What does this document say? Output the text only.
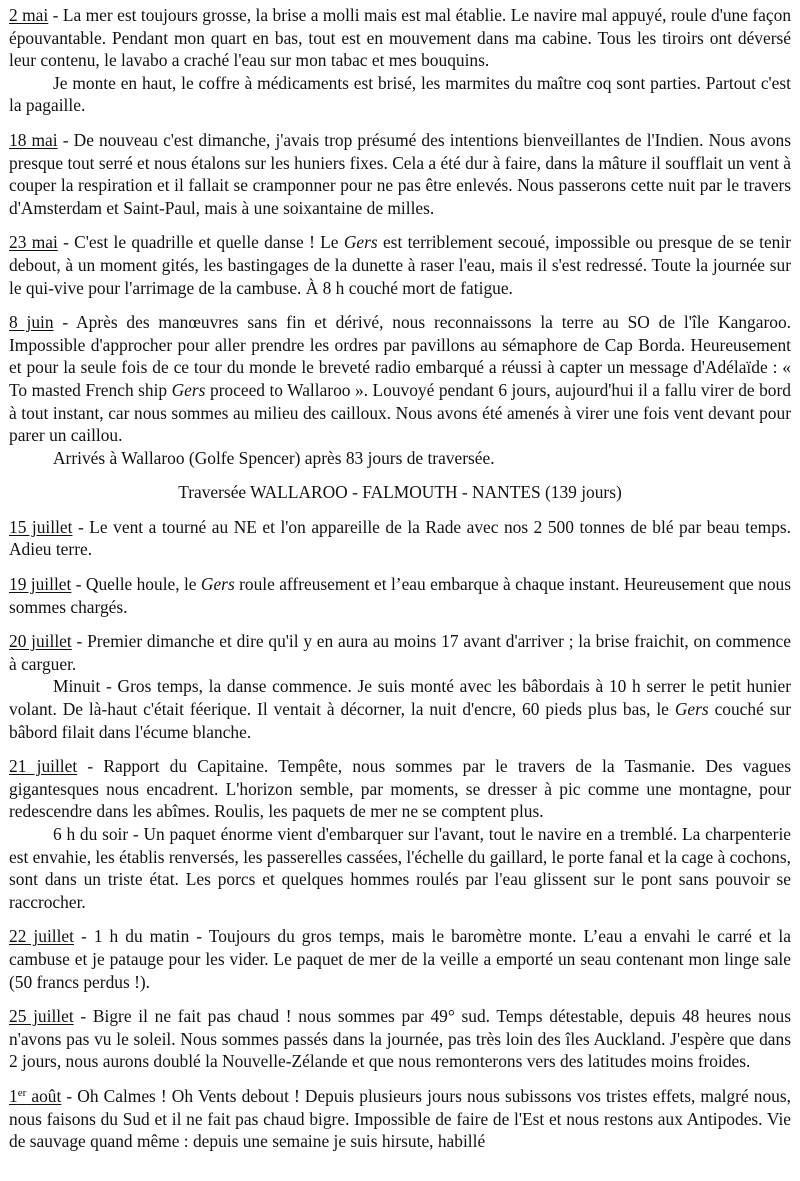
2 mai - La mer est toujours grosse, la brise a molli mais est mal établie. Le navire mal appuyé, roule d'une façon épouvantable. Pendant mon quart en bas, tout est en mouvement dans ma cabine. Tous les tiroirs ont déversé leur contenu, le lavabo a craché l'eau sur mon tabac et mes bouquins.

Je monte en haut, le coffre à médicaments est brisé, les marmites du maître coq sont parties. Partout c'est la pagaille.

18 mai - De nouveau c'est dimanche, j'avais trop présumé des intentions bienveillantes de l'Indien. Nous avons presque tout serré et nous étalons sur les huniers fixes. Cela a été dur à faire, dans la mâture il soufflait un vent à couper la respiration et il fallait se cramponner pour ne pas être enlevés. Nous passerons cette nuit par le travers d'Amsterdam et Saint-Paul, mais à une soixantaine de milles.

23 mai - C'est le quadrille et quelle danse ! Le Gers est terriblement secoué, impossible ou presque de se tenir debout, à un moment gités, les bastingages de la dunette à raser l'eau, mais il s'est redressé. Toute la journée sur le qui-vive pour l'arrimage de la cambuse. À 8 h couché mort de fatigue.

8 juin - Après des manœuvres sans fin et dérivé, nous reconnaissons la terre au SO de l'île Kangaroo. Impossible d'approcher pour aller prendre les ordres par pavillons au sémaphore de Cap Borda. Heureusement et pour la seule fois de ce tour du monde le breveté radio embarqué a réussi à capter un message d'Adélaïde : « To masted French ship Gers proceed to Wallaroo ». Louvoyé pendant 6 jours, aujourd'hui il a fallu virer de bord à tout instant, car nous sommes au milieu des cailloux. Nous avons été amenés à virer une fois vent devant pour parer un caillou.

Arrivés à Wallaroo (Golfe Spencer) après 83 jours de traversée.

Traversée WALLAROO - FALMOUTH - NANTES (139 jours)

15 juillet - Le vent a tourné au NE et l'on appareille de la Rade avec nos 2 500 tonnes de blé par beau temps. Adieu terre.

19 juillet - Quelle houle, le Gers roule affreusement et l’eau embarque à chaque instant. Heureusement que nous sommes chargés.

20 juillet - Premier dimanche et dire qu'il y en aura au moins 17 avant d'arriver ; la brise fraichit, on commence à carguer.

Minuit - Gros temps, la danse commence. Je suis monté avec les bâbordais à 10 h serrer le petit hunier volant. De là-haut c'était féerique. Il ventait à décorner, la nuit d'encre, 60 pieds plus bas, le Gers couché sur bâbord filait dans l'écume blanche.

21 juillet - Rapport du Capitaine. Tempête, nous sommes par le travers de la Tasmanie. Des vagues gigantesques nous encadrent. L'horizon semble, par moments, se dresser à pic comme une montagne, pour redescendre dans les abîmes. Roulis, les paquets de mer ne se comptent plus.

6 h du soir - Un paquet énorme vient d'embarquer sur l'avant, tout le navire en a tremblé. La charpenterie est envahie, les établis renversés, les passerelles cassées, l'échelle du gaillard, le porte fanal et la cage à cochons, sont dans un triste état. Les porcs et quelques hommes roulés par l'eau glissent sur le pont sans pouvoir se raccrocher.

22 juillet - 1 h du matin - Toujours du gros temps, mais le baromètre monte. L’eau a envahi le carré et la cambuse et je patauge pour les vider. Le paquet de mer de la veille a emporté un seau contenant mon linge sale (50 francs perdus !).

25 juillet - Bigre il ne fait pas chaud ! nous sommes par 49° sud. Temps détestable, depuis 48 heures nous n'avons pas vu le soleil. Nous sommes passés dans la journée, pas très loin des îles Auckland. J'espère que dans 2 jours, nous aurons doublé la Nouvelle-Zélande et que nous remonterons vers des latitudes moins froides.

1er août - Oh Calmes ! Oh Vents debout ! Depuis plusieurs jours nous subissons vos tristes effets, malgré nous, nous faisons du Sud et il ne fait pas chaud bigre. Impossible de faire de l'Est et nous restons aux Antipodes. Vie de sauvage quand même : depuis une semaine je suis hirsute, habillé
